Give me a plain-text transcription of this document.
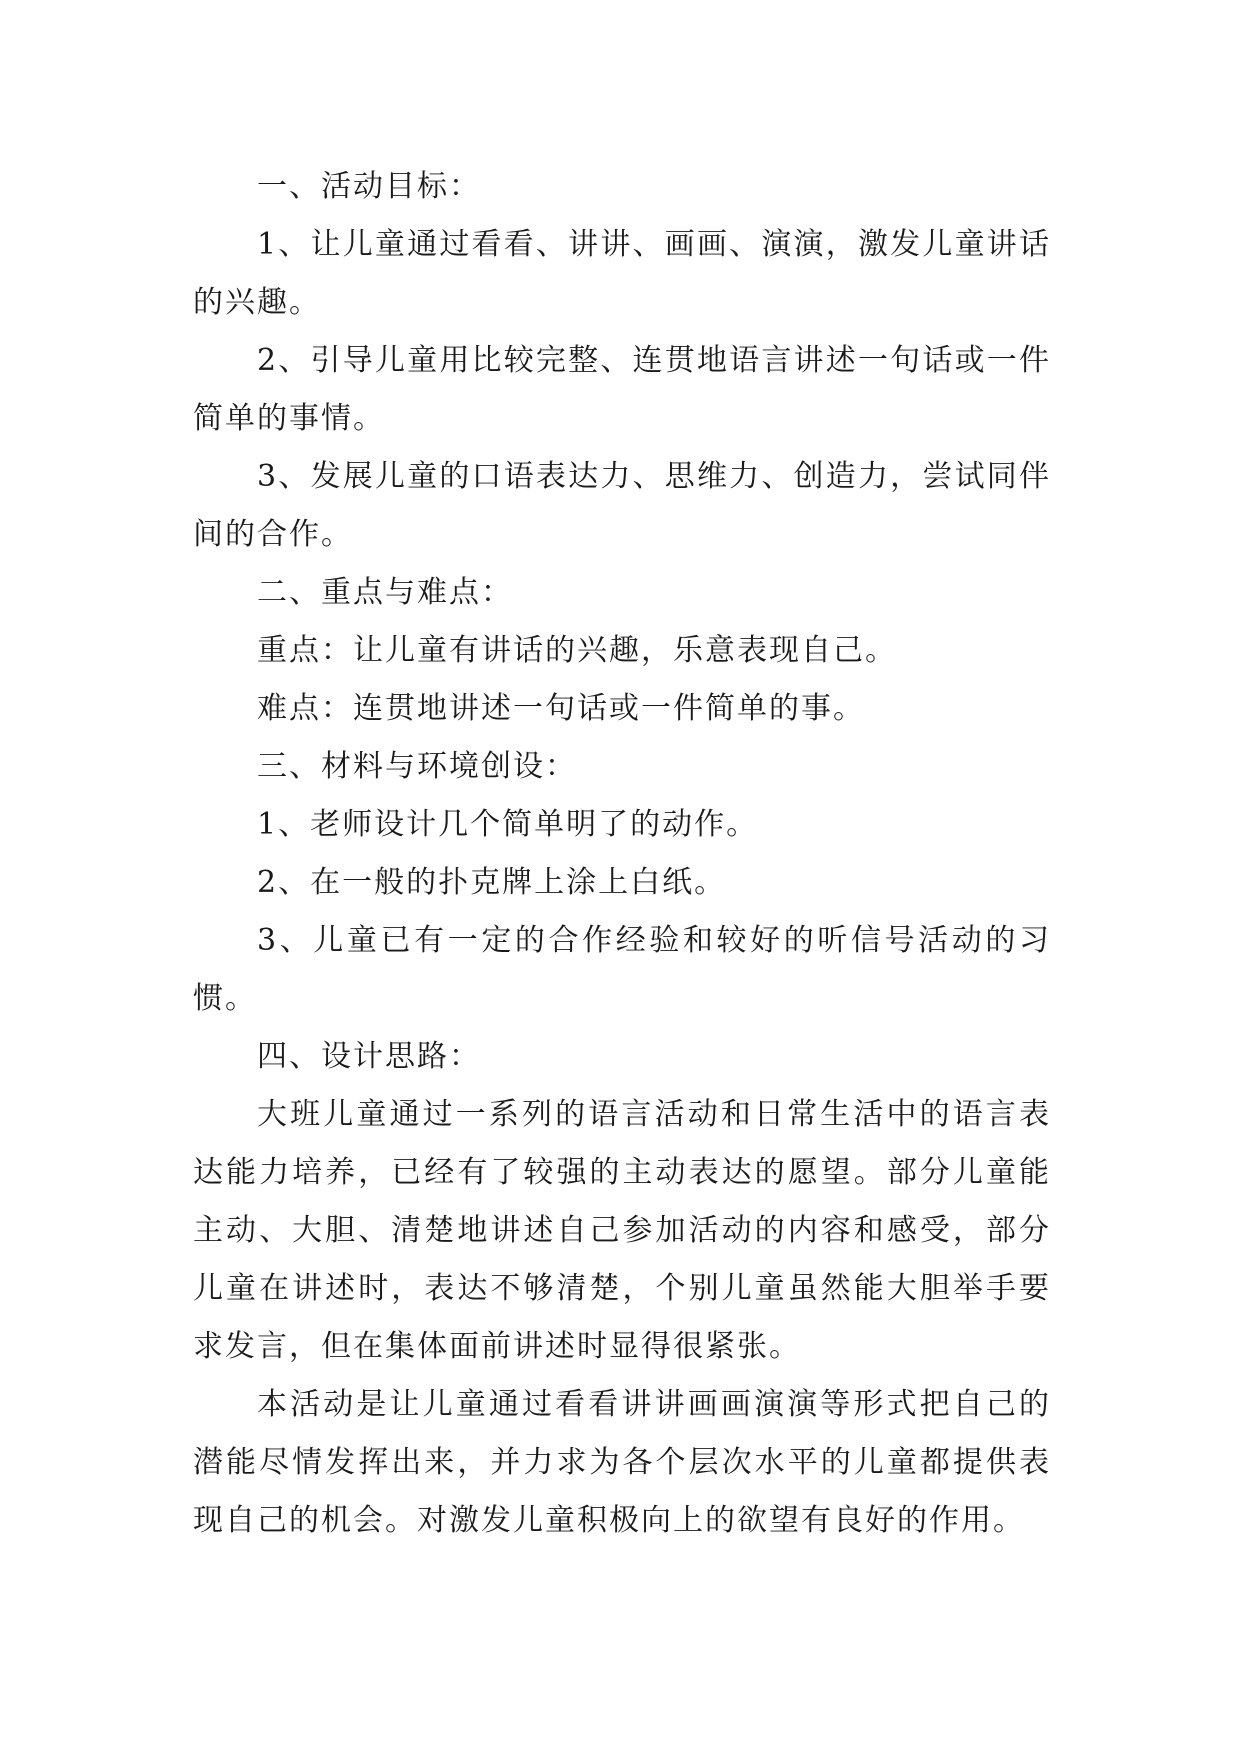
一、活动目标：

1、让儿童通过看看、讲讲、画画、演演，激发儿童讲话的兴趣。

2、引导儿童用比较完整、连贯地语言讲述一句话或一件简单的事情。

3、发展儿童的口语表达力、思维力、创造力，尝试同伴间的合作。

二、重点与难点：

重点：让儿童有讲话的兴趣，乐意表现自己。

难点：连贯地讲述一句话或一件简单的事。

三、材料与环境创设：

1、老师设计几个简单明了的动作。

2、在一般的扑克牌上涂上白纸。

3、儿童已有一定的合作经验和较好的听信号活动的习惯。

四、设计思路：

大班儿童通过一系列的语言活动和日常生活中的语言表达能力培养，已经有了较强的主动表达的愿望。部分儿童能主动、大胆、清楚地讲述自己参加活动的内容和感受，部分儿童在讲述时，表达不够清楚，个别儿童虽然能大胆举手要求发言，但在集体面前讲述时显得很紧张。

本活动是让儿童通过看看讲讲画画演演等形式把自己的潜能尽情发挥出来，并力求为各个层次水平的儿童都提供表现自己的机会。对激发儿童积极向上的欲望有良好的作用。
